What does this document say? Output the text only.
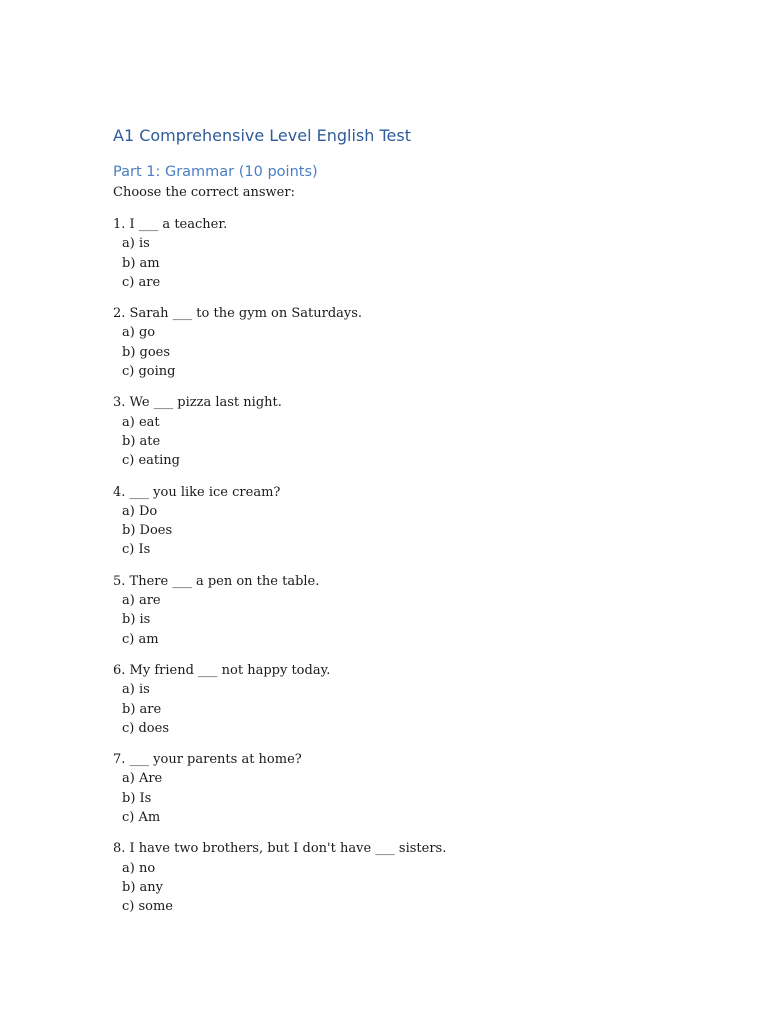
A1 Comprehensive Level English Test
Part 1: Grammar (10 points)
Choose the correct answer:
1. I ___ a teacher.
a) is
b) am
c) are
2. Sarah ___ to the gym on Saturdays.
a) go
b) goes
c) going
3. We ___ pizza last night.
a) eat
b) ate
c) eating
4. ___ you like ice cream?
a) Do
b) Does
c) Is
5. There ___ a pen on the table.
a) are
b) is
c) am
6. My friend ___ not happy today.
a) is
b) are
c) does
7. ___ your parents at home?
a) Are
b) Is
c) Am
8. I have two brothers, but I don't have ___ sisters.
a) no
b) any
c) some
